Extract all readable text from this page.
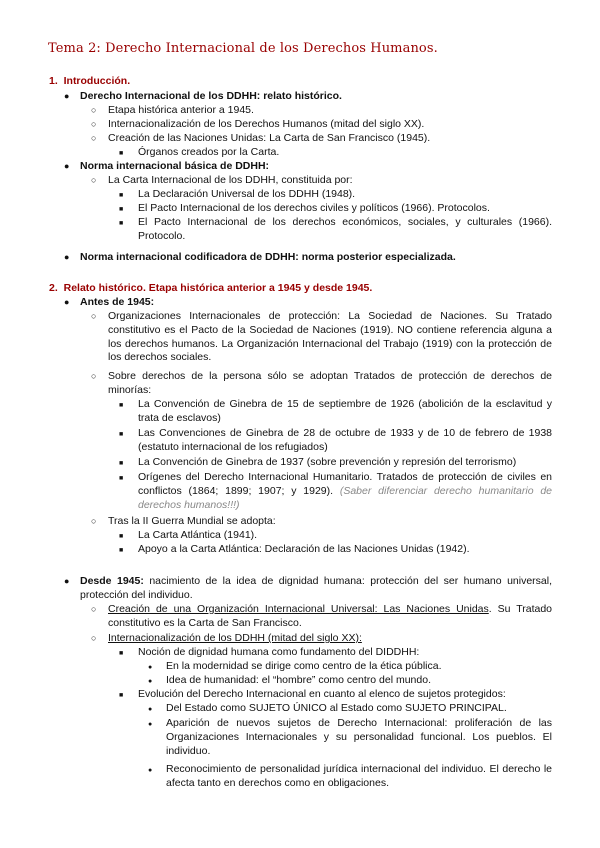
Tema 2: Derecho Internacional de los Derechos Humanos.
1. Introducción.
● Derecho Internacional de los DDHH: relato histórico.
○ Etapa histórica anterior a 1945.
○ Internacionalización de los Derechos Humanos (mitad del siglo XX).
○ Creación de las Naciones Unidas: La Carta de San Francisco (1945).
■ Órganos creados por la Carta.
● Norma internacional básica de DDHH:
○ La Carta Internacional de los DDHH, constituida por:
■ La Declaración Universal de los DDHH (1948).
■ El Pacto Internacional de los derechos civiles y políticos (1966). Protocolos.
■ El Pacto Internacional de los derechos económicos, sociales, y culturales (1966). Protocolo.
● Norma internacional codificadora de DDHH: norma posterior especializada.
2. Relato histórico. Etapa histórica anterior a 1945 y desde 1945.
● Antes de 1945:
○ Organizaciones Internacionales de protección: La Sociedad de Naciones. Su Tratado constitutivo es el Pacto de la Sociedad de Naciones (1919). NO contiene referencia alguna a los derechos humanos. La Organización Internacional del Trabajo (1919) con la protección de los derechos sociales.
○ Sobre derechos de la persona sólo se adoptan Tratados de protección de derechos de minorías:
■ La Convención de Ginebra de 15 de septiembre de 1926 (abolición de la esclavitud y trata de esclavos)
■ Las Convenciones de Ginebra de 28 de octubre de 1933 y de 10 de febrero de 1938 (estatuto internacional de los refugiados)
■ La Convención de Ginebra de 1937 (sobre prevención y represión del terrorismo)
■ Orígenes del Derecho Internacional Humanitario. Tratados de protección de civiles en conflictos (1864; 1899; 1907; y 1929). (Saber diferenciar derecho humanitario de derechos humanos!!!)
○ Tras la II Guerra Mundial se adopta:
■ La Carta Atlántica (1941).
■ Apoyo a la Carta Atlántica: Declaración de las Naciones Unidas (1942).
● Desde 1945: nacimiento de la idea de dignidad humana: protección del ser humano universal, protección del individuo.
○ Creación de una Organización Internacional Universal: Las Naciones Unidas. Su Tratado constitutivo es la Carta de San Francisco.
○ Internacionalización de los DDHH (mitad del siglo XX):
■ Noción de dignidad humana como fundamento del DIDDHH:
● En la modernidad se dirige como centro de la ética pública.
● Idea de humanidad: el “hombre” como centro del mundo.
■ Evolución del Derecho Internacional en cuanto al elenco de sujetos protegidos:
● Del Estado como SUJETO ÚNICO al Estado como SUJETO PRINCIPAL.
● Aparición de nuevos sujetos de Derecho Internacional: proliferación de las Organizaciones Internacionales y su personalidad funcional. Los pueblos. El individuo.
● Reconocimiento de personalidad jurídica internacional del individuo. El derecho le afecta tanto en derechos como en obligaciones.
